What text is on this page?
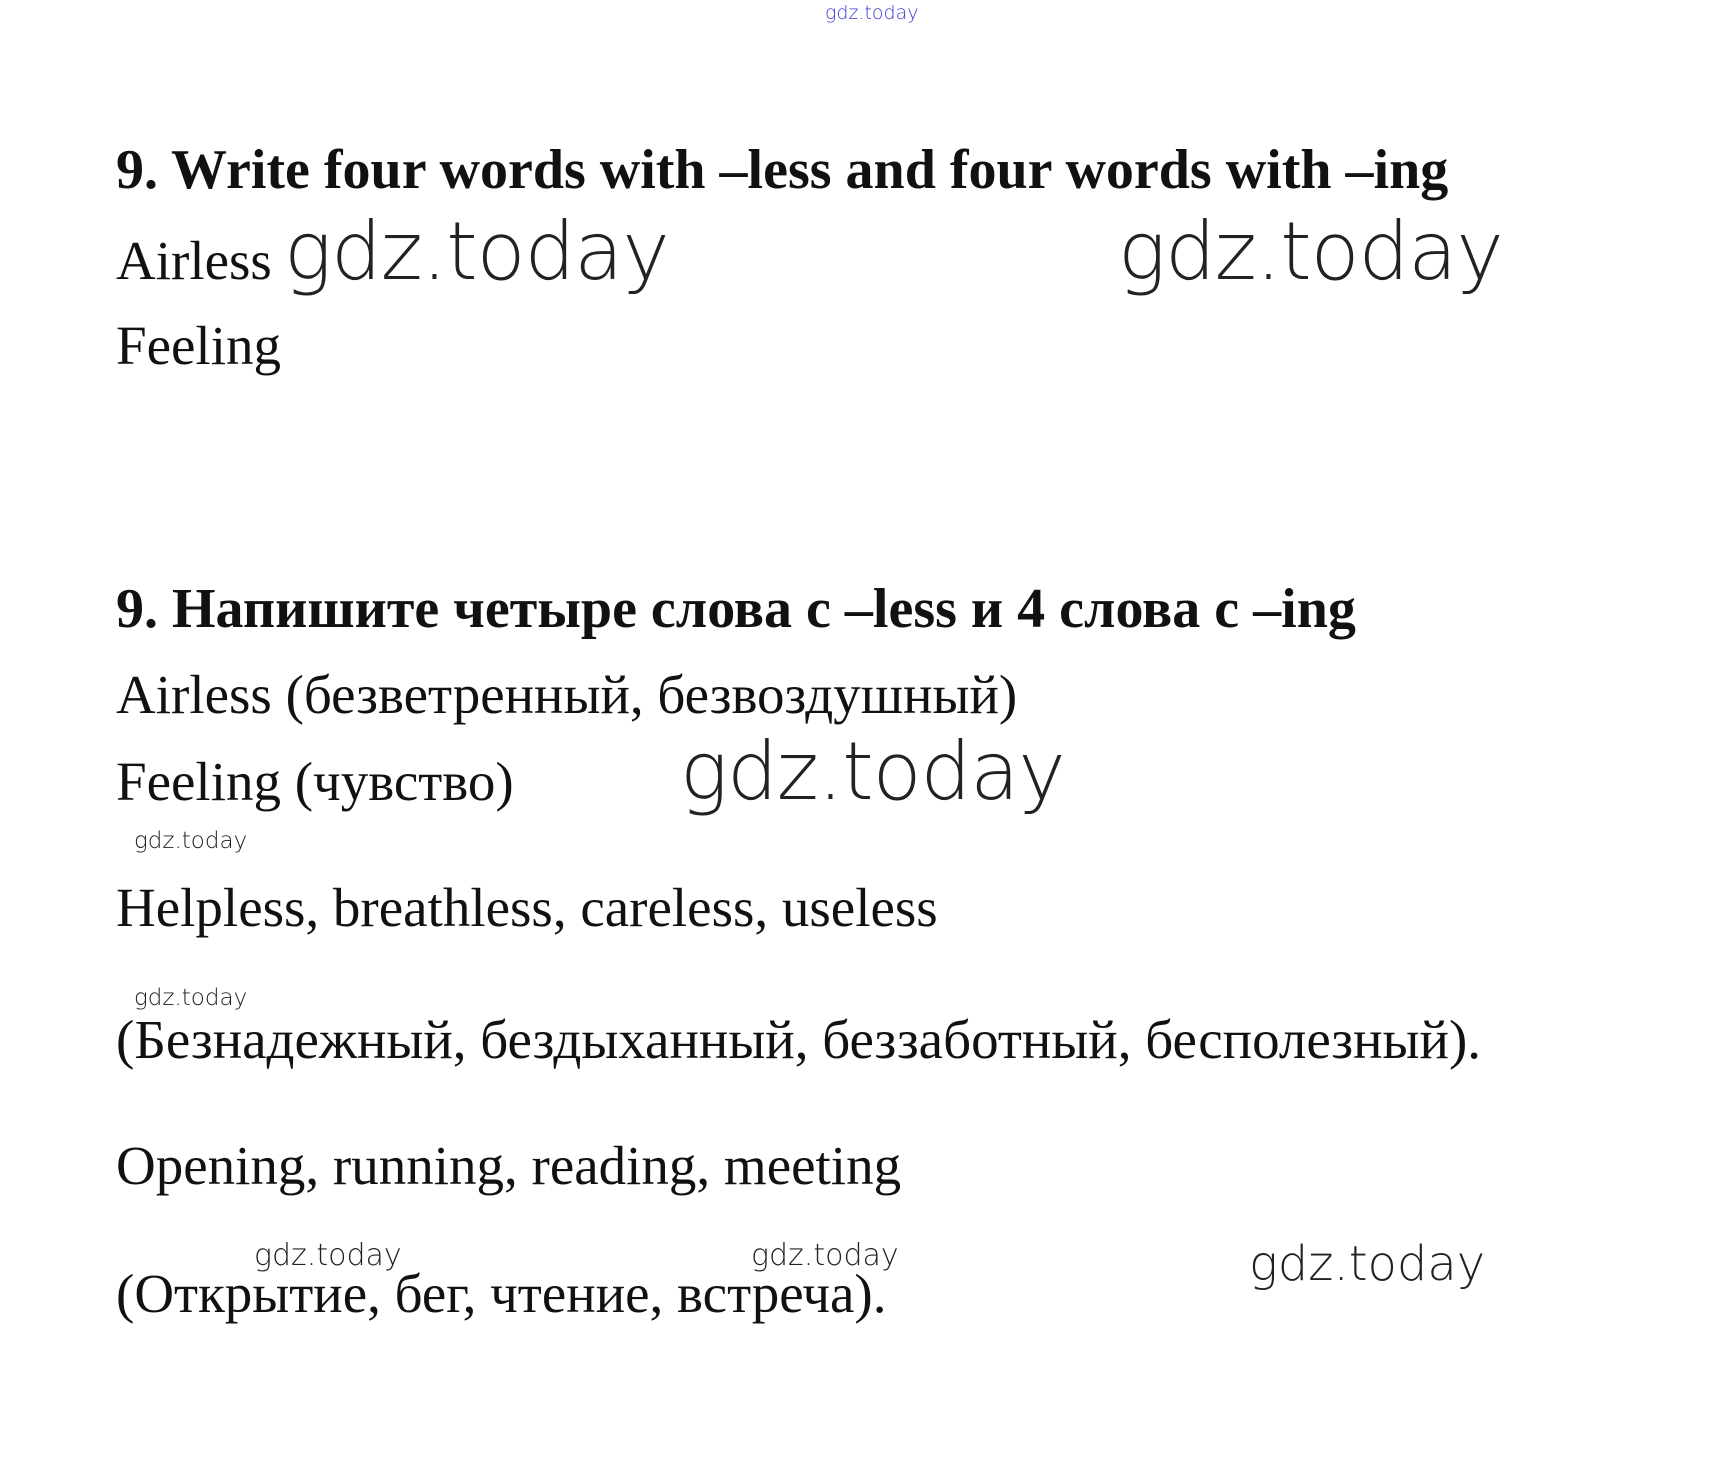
gdz.today
9. Write four words with –less and four words with –ing
Airless gdz.today	gdz.today
Feeling
9. Напишите четыре слова с –less и 4 слова с –ing
Airless (безветренный, безвоздушный)
Feeling (чувство) gdz.today
gdz.today
Helpless, breathless, careless, useless
gdz.today
(Безнадежный, бездыханный, беззаботный, бесполезный).
Opening, running, reading, meeting
gdz.today	gdz.today
(Открытие, бег, чтение, встреча).	gdz.today
